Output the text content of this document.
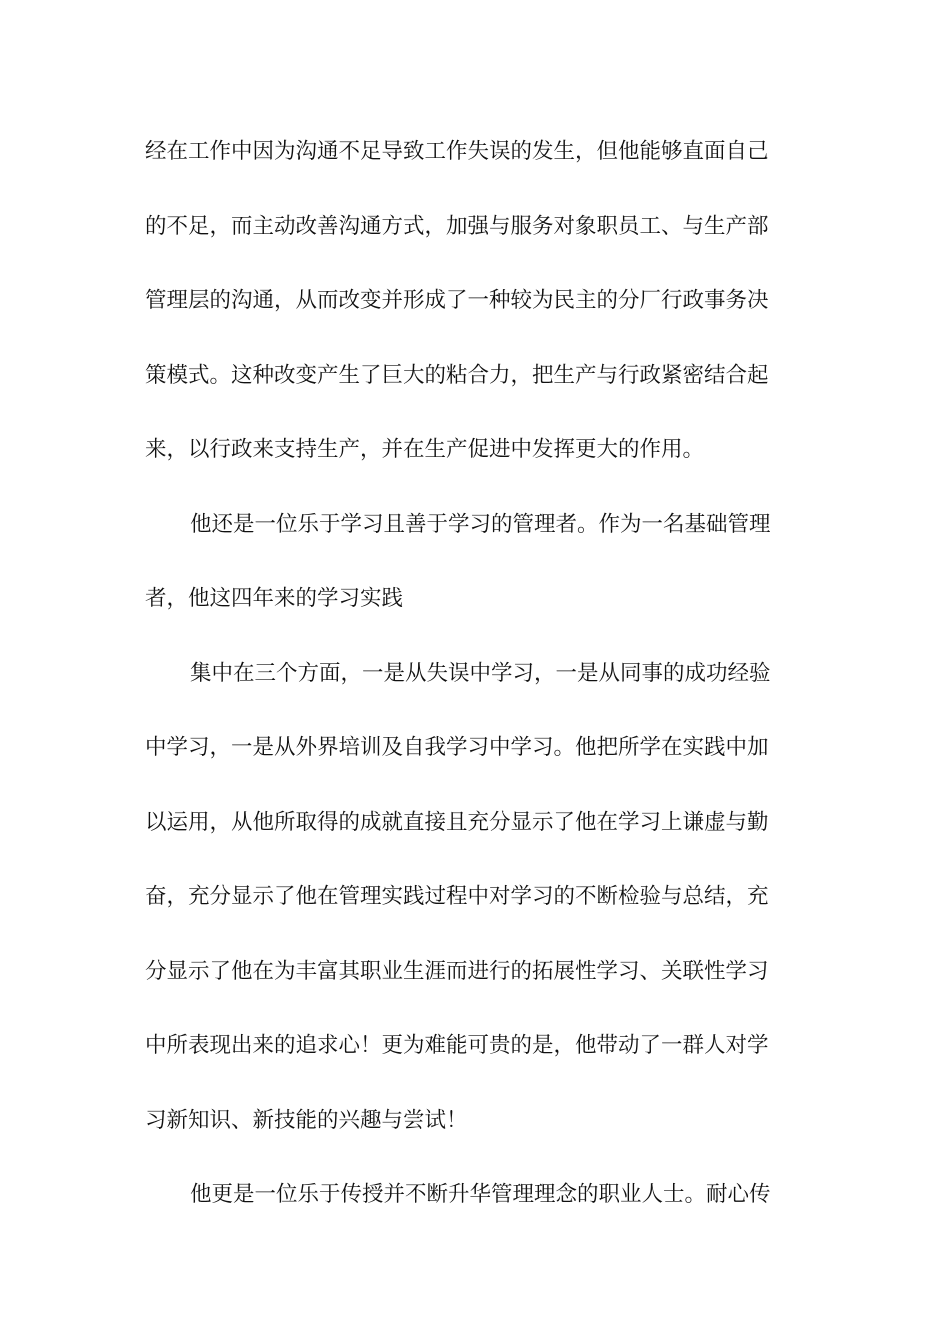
经在工作中因为沟通不足导致工作失误的发生，但他能够直面自己
的不足，而主动改善沟通方式，加强与服务对象职员工、与生产部
管理层的沟通，从而改变并形成了一种较为民主的分厂行政事务决
策模式。这种改变产生了巨大的粘合力，把生产与行政紧密结合起
来，以行政来支持生产，并在生产促进中发挥更大的作用。
他还是一位乐于学习且善于学习的管理者。作为一名基础管理
者，他这四年来的学习实践
集中在三个方面，一是从失误中学习，一是从同事的成功经验
中学习，一是从外界培训及自我学习中学习。他把所学在实践中加
以运用，从他所取得的成就直接且充分显示了他在学习上谦虚与勤
奋，充分显示了他在管理实践过程中对学习的不断检验与总结，充
分显示了他在为丰富其职业生涯而进行的拓展性学习、关联性学习
中所表现出来的追求心！更为难能可贵的是，他带动了一群人对学
习新知识、新技能的兴趣与尝试！
他更是一位乐于传授并不断升华管理理念的职业人士。耐心传
